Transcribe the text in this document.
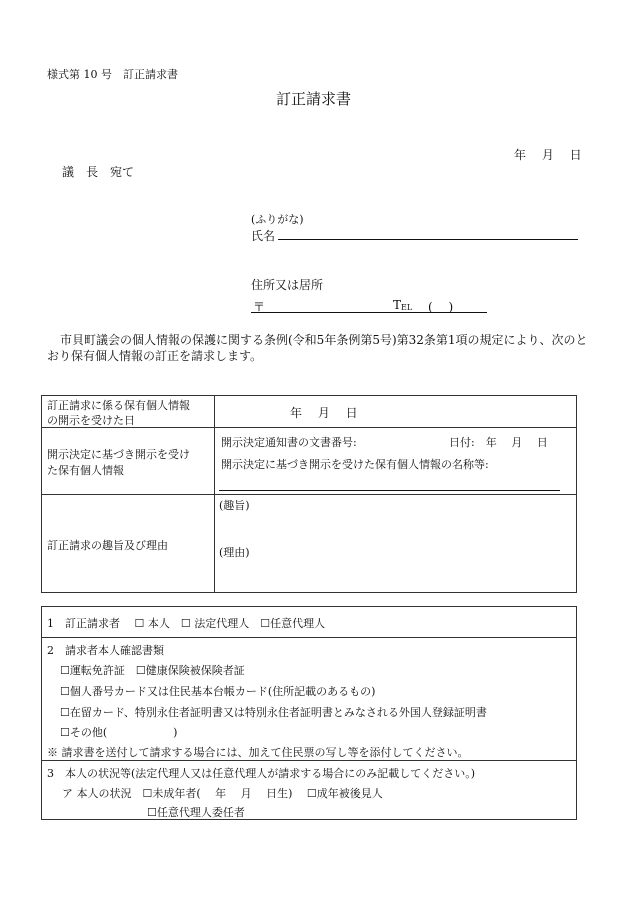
様式第 10 号　訂正請求書
訂正請求書
年　 月　 日
議　長　宛て
(ふりがな)
氏名
住所又は居所
〒	TEL (　 )
市貝町議会の個人情報の保護に関する条例(令和5年条例第5号)第32条第1項の規定により、次のと
おり保有個人情報の訂正を請求します。
訂正請求に係る保有個人情報
の開示を受けた日
年　 月　 日
開示決定に基づき開示を受け
た保有個人情報
開示決定通知書の文書番号:	日付:　年　 月　 日
開示決定に基づき開示を受けた保有個人情報の名称等:
訂正請求の趣旨及び理由
(趣旨)
(理由)
1　訂正請求者　 ☐ 本人　☐ 法定代理人　☐任意代理人
2　請求者本人確認書類
☐運転免許証　☐健康保険被保険者証
☐個人番号カード又は住民基本台帳カード(住所記載のあるもの)
☐在留カード、特別永住者証明書又は特別永住者証明書とみなされる外国人登録証明書
☐その他(　　　　　　)
※ 請求書を送付して請求する場合には、加えて住民票の写し等を添付してください。
3　本人の状況等(法定代理人又は任意代理人が請求する場合にのみ記載してください。)
ア 本人の状況　☐未成年者(　 年　 月　 日生)　 ☐成年被後見人
☐任意代理人委任者
